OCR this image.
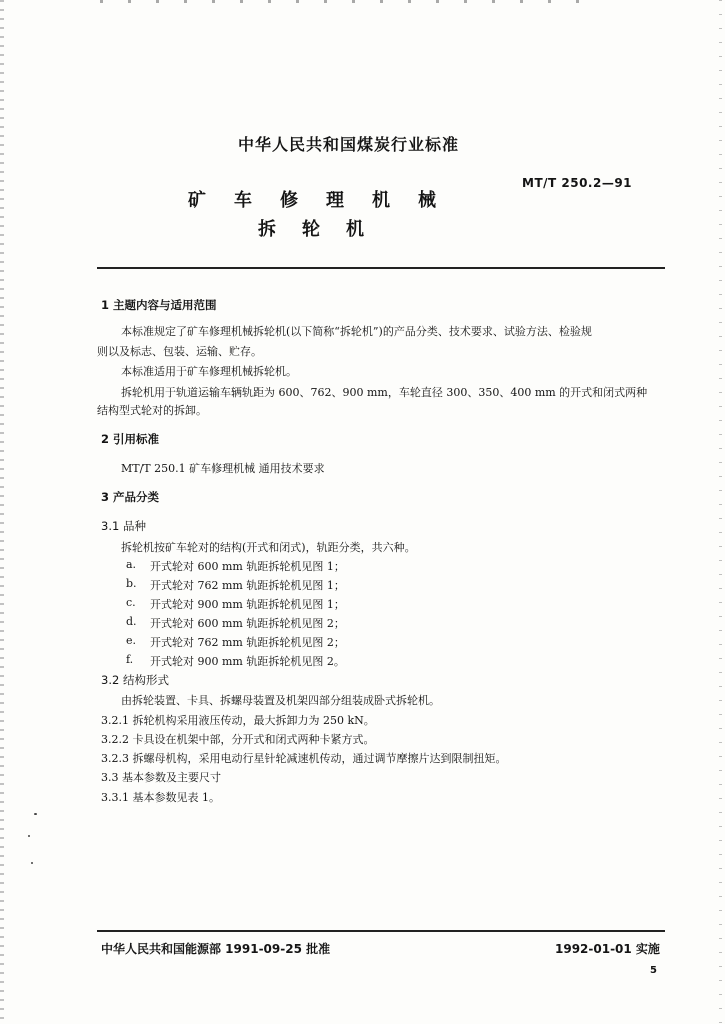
中华人民共和国煤炭行业标准
矿车修理机械
拆轮机
MT/T 250.2—91
1 主题内容与适用范围
本标准规定了矿车修理机械拆轮机(以下简称“拆轮机”)的产品分类、技术要求、试验方法、检验规
则以及标志、包装、运输、贮存。
本标准适用于矿车修理机械拆轮机。
拆轮机用于轨道运输车辆轨距为 600、762、900 mm，车轮直径 300、350、400 mm 的开式和闭式两种
结构型式轮对的拆卸。
2 引用标准
MT/T 250.1 矿车修理机械 通用技术要求
3 产品分类
3.1 品种
拆轮机按矿车轮对的结构(开式和闭式)，轨距分类，共六种。
a. 开式轮对 600 mm 轨距拆轮机见图 1；
b. 开式轮对 762 mm 轨距拆轮机见图 1；
c. 开式轮对 900 mm 轨距拆轮机见图 1；
d. 开式轮对 600 mm 轨距拆轮机见图 2；
e. 开式轮对 762 mm 轨距拆轮机见图 2；
f. 开式轮对 900 mm 轨距拆轮机见图 2。
3.2 结构形式
由拆轮装置、卡具、拆螺母装置及机架四部分组装成卧式拆轮机。
3.2.1 拆轮机构采用液压传动，最大拆卸力为 250 kN。
3.2.2 卡具设在机架中部，分开式和闭式两种卡紧方式。
3.2.3 拆螺母机构，采用电动行星针轮减速机传动，通过调节摩擦片达到限制扭矩。
3.3 基本参数及主要尺寸
3.3.1 基本参数见表 1。
中华人民共和国能源部 1991-09-25 批准	1992-01-01 实施
5
